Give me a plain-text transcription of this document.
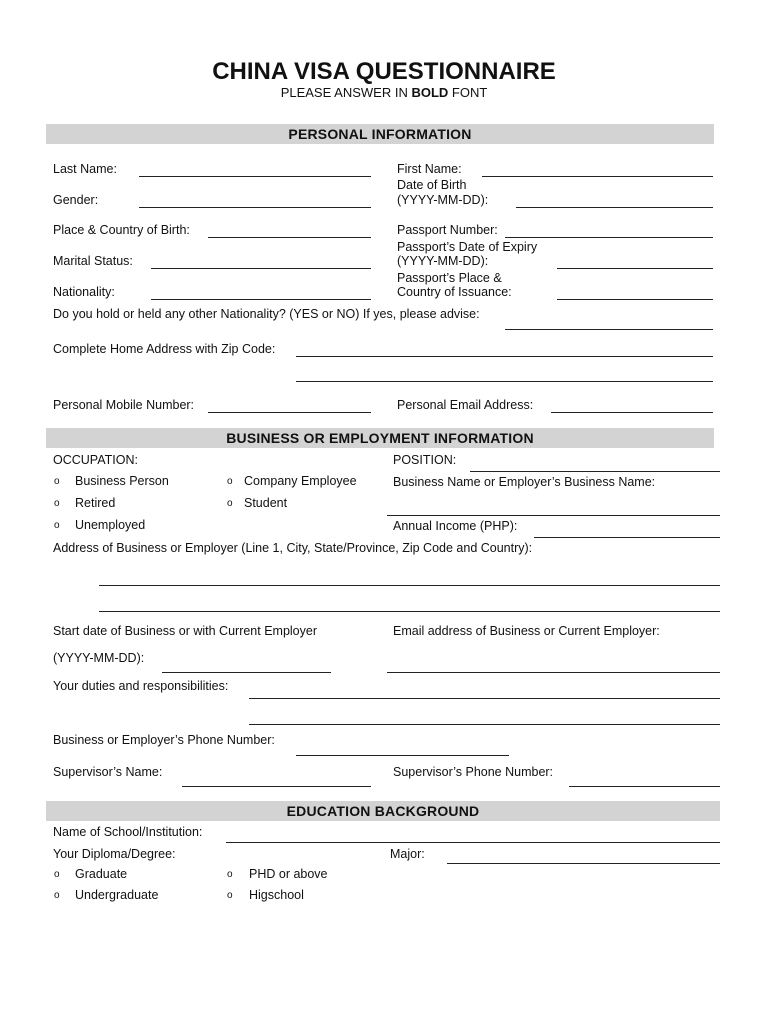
CHINA VISA QUESTIONNAIRE
PLEASE ANSWER IN BOLD FONT
PERSONAL INFORMATION
Last Name:	First Name:
Gender:
Date of Birth
(YYYY-MM-DD):
Place & Country of Birth:	Passport Number:
Marital Status:
Passport’s Date of Expiry
(YYYY-MM-DD):
Nationality:
Passport’s Place &
Country of Issuance:
Do you hold or held any other Nationality? (YES or NO) If yes, please advise:
Complete Home Address with Zip Code:
Personal Mobile Number:	Personal Email Address:
BUSINESS OR EMPLOYMENT INFORMATION
OCCUPATION:	POSITION:
o Business Person	o Company Employee	Business Name or Employer’s Business Name:
o Retired	o Student
o Unemployed	Annual Income (PHP):
Address of Business or Employer (Line 1, City, State/Province, Zip Code and Country):
Start date of Business or with Current Employer	Email address of Business or Current Employer:
(YYYY-MM-DD):
Your duties and responsibilities:
Business or Employer’s Phone Number:
Supervisor’s Name:	Supervisor’s Phone Number:
EDUCATION BACKGROUND
Name of School/Institution:
Your Diploma/Degree:	Major:
o Graduate	o PHD or above
o Undergraduate	o Higschool
